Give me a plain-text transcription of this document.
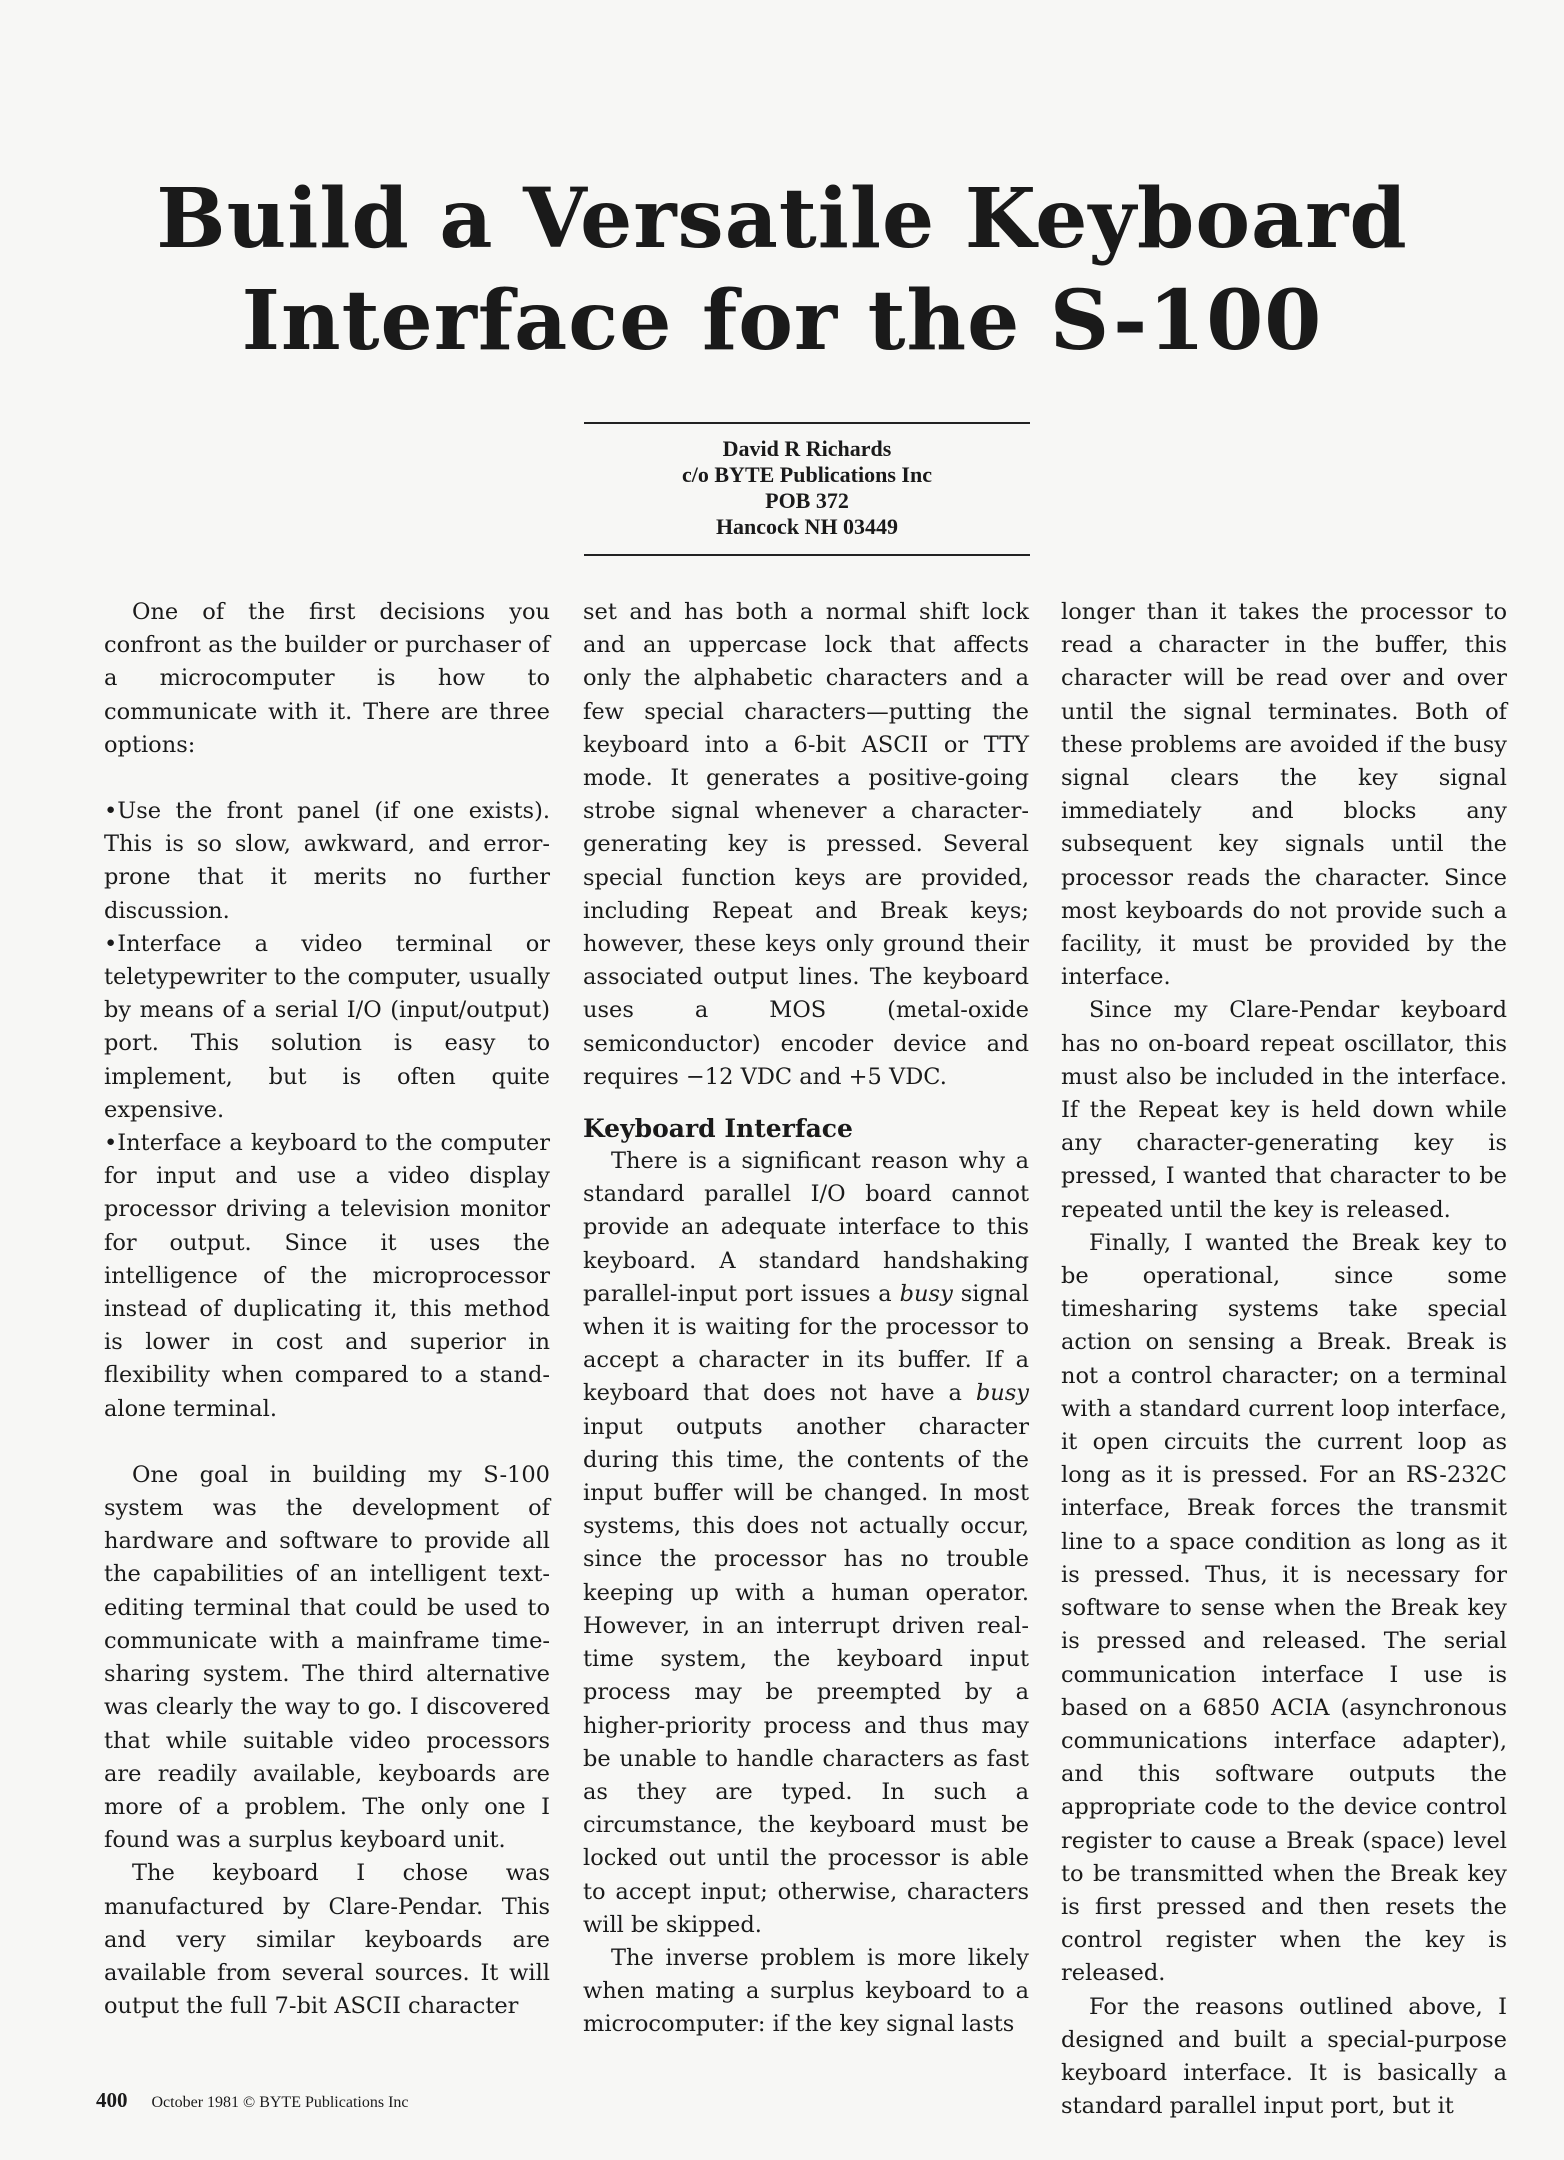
Build a Versatile Keyboard
Interface for the S-100
David R Richards
c/o BYTE Publications Inc
POB 372
Hancock NH 03449

One of the first decisions you confront as the builder or purchaser of a microcomputer is how to communicate with it. There are three options:

•Use the front panel (if one exists). This is so slow, awkward, and error-prone that it merits no further discussion.

•Interface a video terminal or teletypewriter to the computer, usually by means of a serial I/O (input/output) port. This solution is easy to implement, but is often quite expensive.

•Interface a keyboard to the computer for input and use a video display processor driving a television monitor for output. Since it uses the intelligence of the microprocessor instead of duplicating it, this method is lower in cost and superior in flexibility when compared to a stand-alone terminal.

One goal in building my S-100 system was the development of hardware and software to provide all the capabilities of an intelligent text-editing terminal that could be used to communicate with a mainframe time-sharing system. The third alternative was clearly the way to go. I discovered that while suitable video processors are readily available, keyboards are more of a problem. The only one I found was a surplus keyboard unit.

The keyboard I chose was manufactured by Clare-Pendar. This and very similar keyboards are available from several sources. It will output the full 7-bit ASCII character

set and has both a normal shift lock and an uppercase lock that affects only the alphabetic characters and a few special characters—putting the keyboard into a 6-bit ASCII or TTY mode. It generates a positive-going strobe signal whenever a character-generating key is pressed. Several special function keys are provided, including Repeat and Break keys; however, these keys only ground their associated output lines. The keyboard uses a MOS (metal-oxide semiconductor) encoder device and requires −12 VDC and +5 VDC.

Keyboard Interface

There is a significant reason why a standard parallel I/O board cannot provide an adequate interface to this keyboard. A standard handshaking parallel-input port issues a busy signal when it is waiting for the processor to accept a character in its buffer. If a keyboard that does not have a busy input outputs another character during this time, the contents of the input buffer will be changed. In most systems, this does not actually occur, since the processor has no trouble keeping up with a human operator. However, in an interrupt driven real-time system, the keyboard input process may be preempted by a higher-priority process and thus may be unable to handle characters as fast as they are typed. In such a circumstance, the keyboard must be locked out until the processor is able to accept input; otherwise, characters will be skipped.

The inverse problem is more likely when mating a surplus keyboard to a microcomputer: if the key signal lasts

longer than it takes the processor to read a character in the buffer, this character will be read over and over until the signal terminates. Both of these problems are avoided if the busy signal clears the key signal immediately and blocks any subsequent key signals until the processor reads the character. Since most keyboards do not provide such a facility, it must be provided by the interface.

Since my Clare-Pendar keyboard has no on-board repeat oscillator, this must also be included in the interface. If the Repeat key is held down while any character-generating key is pressed, I wanted that character to be repeated until the key is released.

Finally, I wanted the Break key to be operational, since some timesharing systems take special action on sensing a Break. Break is not a control character; on a terminal with a standard current loop interface, it open circuits the current loop as long as it is pressed. For an RS-232C interface, Break forces the transmit line to a space condition as long as it is pressed. Thus, it is necessary for software to sense when the Break key is pressed and released. The serial communication interface I use is based on a 6850 ACIA (asynchronous communications interface adapter), and this software outputs the appropriate code to the device control register to cause a Break (space) level to be transmitted when the Break key is first pressed and then resets the control register when the key is released.

For the reasons outlined above, I designed and built a special-purpose keyboard interface. It is basically a standard parallel input port, but it

400 October 1981 © BYTE Publications Inc
